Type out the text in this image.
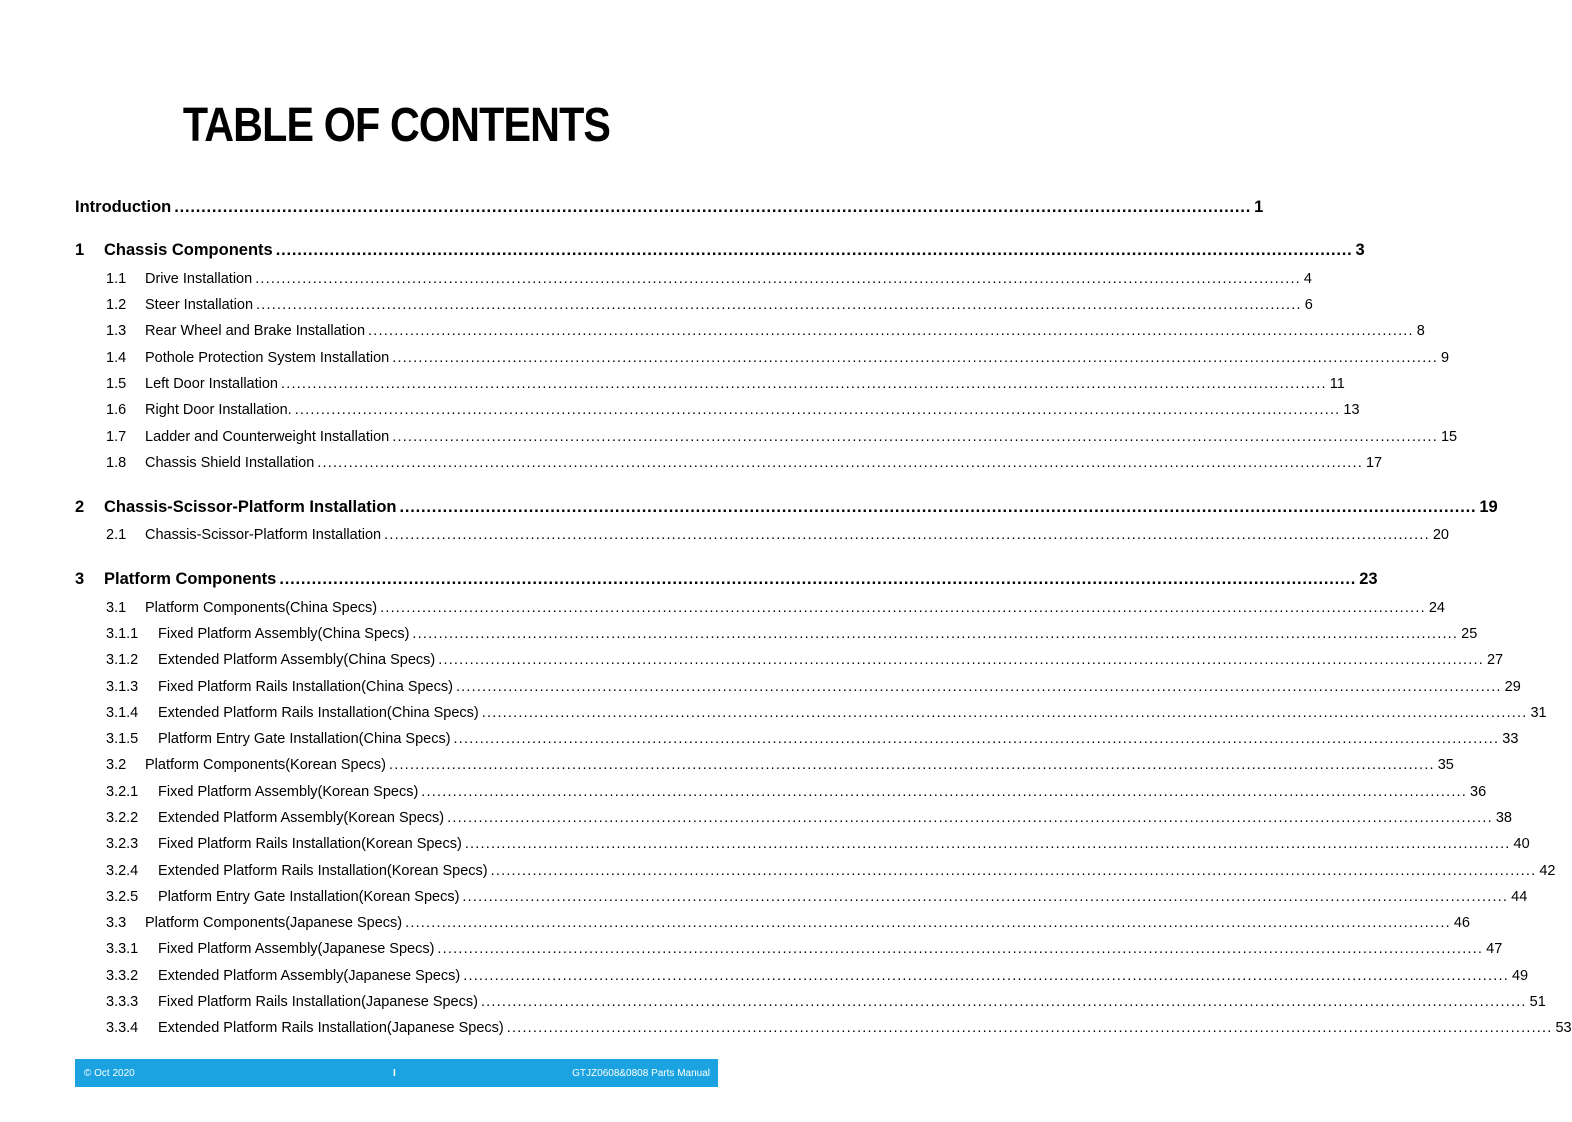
TABLE OF CONTENTS
Introduction ........................................................................................................................................................................................................ 1
1	Chassis Components ........................................................................................................................................................................................................ 3
1.1	Drive Installation ........................................................................................................................................................................................................ 4
1.2	Steer Installation ........................................................................................................................................................................................................ 6
1.3	Rear Wheel and Brake Installation ........................................................................................................................................................................................................ 8
1.4	Pothole Protection System Installation ........................................................................................................................................................................................................ 9
1.5	Left Door Installation ........................................................................................................................................................................................................ 11
1.6	Right Door Installation. ........................................................................................................................................................................................................ 13
1.7	Ladder and Counterweight Installation ........................................................................................................................................................................................................ 15
1.8	Chassis Shield Installation ........................................................................................................................................................................................................ 17
2	Chassis-Scissor-Platform Installation ........................................................................................................................................................................................................ 19
2.1	Chassis-Scissor-Platform Installation ........................................................................................................................................................................................................ 20
3	Platform Components ........................................................................................................................................................................................................ 23
3.1	Platform Components(China Specs) ........................................................................................................................................................................................................ 24
3.1.1	Fixed Platform Assembly(China Specs) ........................................................................................................................................................................................................ 25
3.1.2	Extended Platform Assembly(China Specs) ........................................................................................................................................................................................................ 27
3.1.3	Fixed Platform Rails Installation(China Specs) ........................................................................................................................................................................................................ 29
3.1.4	Extended Platform Rails Installation(China Specs) ........................................................................................................................................................................................................ 31
3.1.5	Platform Entry Gate Installation(China Specs) ........................................................................................................................................................................................................ 33
3.2	Platform Components(Korean Specs) ........................................................................................................................................................................................................ 35
3.2.1	Fixed Platform Assembly(Korean Specs) ........................................................................................................................................................................................................ 36
3.2.2	Extended Platform Assembly(Korean Specs) ........................................................................................................................................................................................................ 38
3.2.3	Fixed Platform Rails Installation(Korean Specs) ........................................................................................................................................................................................................ 40
3.2.4	Extended Platform Rails Installation(Korean Specs) ........................................................................................................................................................................................................ 42
3.2.5	Platform Entry Gate Installation(Korean Specs) ........................................................................................................................................................................................................ 44
3.3	Platform Components(Japanese Specs) ........................................................................................................................................................................................................ 46
3.3.1	Fixed Platform Assembly(Japanese Specs) ........................................................................................................................................................................................................ 47
3.3.2	Extended Platform Assembly(Japanese Specs) ........................................................................................................................................................................................................ 49
3.3.3	Fixed Platform Rails Installation(Japanese Specs) ........................................................................................................................................................................................................ 51
3.3.4	Extended Platform Rails Installation(Japanese Specs) ........................................................................................................................................................................................................ 53
© Oct 2020	I	GTJZ0608&0808 Parts Manual
